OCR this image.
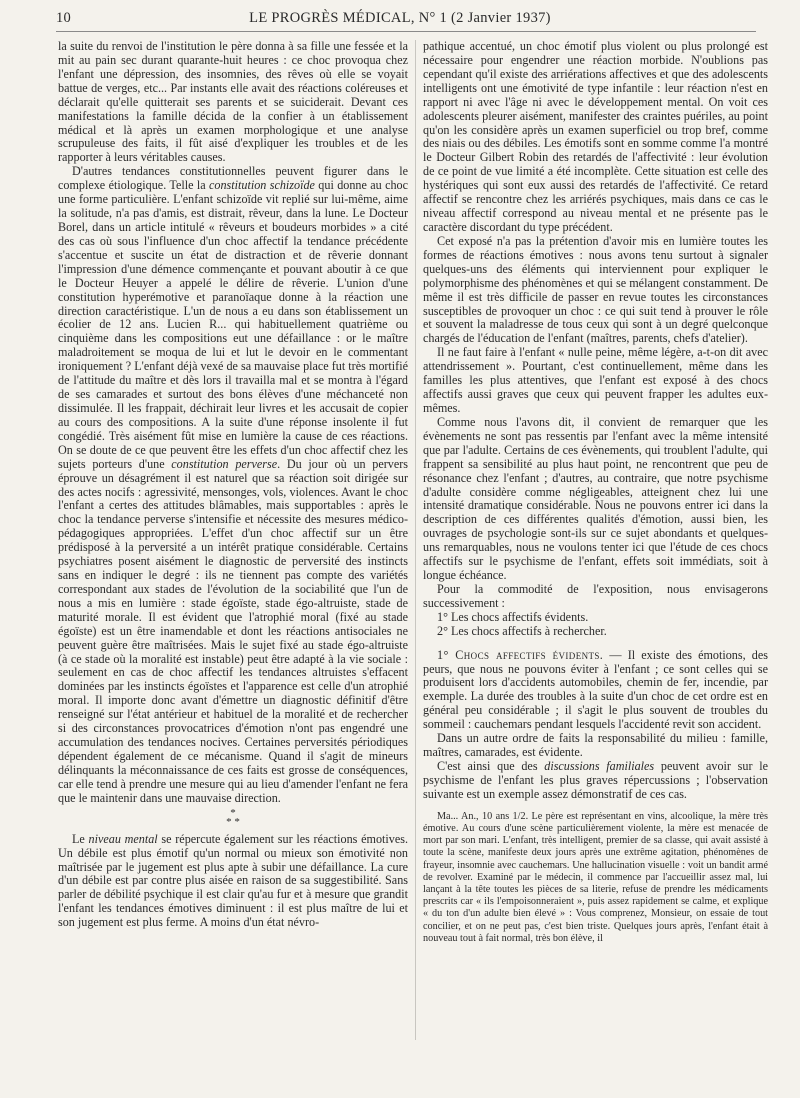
10	LE PROGRÈS MÉDICAL, N° 1 (2 Janvier 1937)

la suite du renvoi de l'institution le père donna à sa fille une fessée et la mit au pain sec durant quarante-huit heures : ce choc provoqua chez l'enfant une dépression, des insomnies, des rêves où elle se voyait battue de verges, etc... Par instants elle avait des réactions coléreuses et déclarait qu'elle quitterait ses parents et se suiciderait. Devant ces manifestations la famille décida de la confier à un établissement médical et là après un examen morphologique et une analyse scrupuleuse des faits, il fût aisé d'expliquer les troubles et de les rapporter à leurs véritables causes.

D'autres tendances constitutionnelles peuvent figurer dans le complexe étiologique. Telle la constitution schizoïde qui donne au choc une forme particulière. L'enfant schizoïde vit replié sur lui-même, aime la solitude, n'a pas d'amis, est distrait, rêveur, dans la lune. Le Docteur Borel, dans un article intitulé « rêveurs et boudeurs morbides » a cité des cas où sous l'influence d'un choc affectif la tendance précédente s'accentue et suscite un état de distraction et de rêverie donnant l'impression d'une démence commençante et pouvant aboutir à ce que le Docteur Heuyer a appelé le délire de rêverie. L'union d'une constitution hyperémotive et paranoïaque donne à la réaction une direction caractéristique. L'un de nous a eu dans son établissement un écolier de 12 ans. Lucien R... qui habituellement quatrième ou cinquième dans les compositions eut une défaillance : or le maître maladroitement se moqua de lui et lut le devoir en le commentant ironiquement ? L'enfant déjà vexé de sa mauvaise place fut très mortifié de l'attitude du maître et dès lors il travailla mal et se montra à l'égard de ses camarades et surtout des bons élèves d'une méchanceté non dissimulée. Il les frappait, déchirait leur livres et les accusait de copier au cours des compositions. A la suite d'une réponse insolente il fut congédié. Très aisément fût mise en lumière la cause de ces réactions. On se doute de ce que peuvent être les effets d'un choc affectif chez les sujets porteurs d'une constitution perverse. Du jour où un pervers éprouve un désagrément il est naturel que sa réaction soit dirigée sur des actes nocifs : agressivité, mensonges, vols, violences. Avant le choc l'enfant a certes des attitudes blâmables, mais supportables : après le choc la tendance perverse s'intensifie et nécessite des mesures médico-pédagogiques appropriées. L'effet d'un choc affectif sur un être prédisposé à la perversité a un intérêt pratique considérable. Certains psychiatres posent aisément le diagnostic de perversité des instincts sans en indiquer le degré : ils ne tiennent pas compte des variétés correspondant aux stades de l'évolution de la sociabilité que l'un de nous a mis en lumière : stade égoïste, stade égo-altruiste, stade de maturité morale. Il est évident que l'atrophié moral (fixé au stade égoïste) est un être inamendable et dont les réactions antisociales ne peuvent guère être maîtrisées. Mais le sujet fixé au stade égo-altruiste (à ce stade où la moralité est instable) peut être adapté à la vie sociale : seulement en cas de choc affectif les tendances altruistes s'effacent dominées par les instincts égoïstes et l'apparence est celle d'un atrophié moral. Il importe donc avant d'émettre un diagnostic définitif d'être renseigné sur l'état antérieur et habituel de la moralité et de rechercher si des circonstances provocatrices d'émotion n'ont pas engendré une accumulation des tendances nocives. Certaines perversités périodiques dépendent également de ce mécanisme. Quand il s'agit de mineurs délinquants la méconnaissance de ces faits est grosse de conséquences, car elle tend à prendre une mesure qui au lieu d'amender l'enfant ne fera que le maintenir dans une mauvaise direction.

*
* *

Le niveau mental se répercute également sur les réactions émotives. Un débile est plus émotif qu'un normal ou mieux son émotivité non maîtrisée par le jugement est plus apte à subir une défaillance. La cure d'un débile est par contre plus aisée en raison de sa suggestibilité. Sans parler de débilité psychique il est clair qu'au fur et à mesure que grandit l'enfant les tendances émotives diminuent : il est plus maître de lui et son jugement est plus ferme. A moins d'un état névro-

pathique accentué, un choc émotif plus violent ou plus prolongé est nécessaire pour engendrer une réaction morbide. N'oublions pas cependant qu'il existe des arriérations affectives et que des adolescents intelligents ont une émotivité de type infantile : leur réaction n'est en rapport ni avec l'âge ni avec le développement mental. On voit ces adolescents pleurer aisément, manifester des craintes puériles, au point qu'on les considère après un examen superficiel ou trop bref, comme des niais ou des débiles. Les émotifs sont en somme comme l'a montré le Docteur Gilbert Robin des retardés de l'affectivité : leur évolution de ce point de vue limité a été incomplète. Cette situation est celle des hystériques qui sont eux aussi des retardés de l'affectivité. Ce retard affectif se rencontre chez les arriérés psychiques, mais dans ce cas le niveau affectif correspond au niveau mental et ne présente pas le caractère discordant du type précédent.

Cet exposé n'a pas la prétention d'avoir mis en lumière toutes les formes de réactions émotives : nous avons tenu surtout à signaler quelques-uns des éléments qui interviennent pour expliquer le polymorphisme des phénomènes et qui se mélangent constamment. De même il est très difficile de passer en revue toutes les circonstances susceptibles de provoquer un choc : ce qui suit tend à prouver le rôle et souvent la maladresse de tous ceux qui sont à un degré quelconque chargés de l'éducation de l'enfant (maîtres, parents, chefs d'atelier).

Il ne faut faire à l'enfant « nulle peine, même légère, a-t-on dit avec attendrissement ». Pourtant, c'est continuellement, même dans les familles les plus attentives, que l'enfant est exposé à des chocs affectifs aussi graves que ceux qui peuvent frapper les adultes eux-mêmes.

Comme nous l'avons dit, il convient de remarquer que les évènements ne sont pas ressentis par l'enfant avec la même intensité que par l'adulte. Certains de ces évènements, qui troublent l'adulte, qui frappent sa sensibilité au plus haut point, ne rencontrent que peu de résonance chez l'enfant ; d'autres, au contraire, que notre psychisme d'adulte considère comme négligeables, atteignent chez lui une intensité dramatique considérable. Nous ne pouvons entrer ici dans la description de ces différentes qualités d'émotion, aussi bien, les ouvrages de psychologie sont-ils sur ce sujet abondants et quelques-uns remarquables, nous ne voulons tenter ici que l'étude de ces chocs affectifs sur le psychisme de l'enfant, effets soit immédiats, soit à longue échéance.

Pour la commodité de l'exposition, nous envisagerons successivement :

1° Les chocs affectifs évidents.

2° Les chocs affectifs à rechercher.

1° Chocs affectifs évidents. — Il existe des émotions, des peurs, que nous ne pouvons éviter à l'enfant ; ce sont celles qui se produisent lors d'accidents automobiles, chemin de fer, incendie, par exemple. La durée des troubles à la suite d'un choc de cet ordre est en général peu considérable ; il s'agit le plus souvent de troubles du sommeil : cauchemars pendant lesquels l'accidenté revit son accident.

Dans un autre ordre de faits la responsabilité du milieu : famille, maîtres, camarades, est évidente.

C'est ainsi que des discussions familiales peuvent avoir sur le psychisme de l'enfant les plus graves répercussions ; l'observation suivante est un exemple assez démonstratif de ces cas.

Ma... An., 10 ans 1/2. Le père est représentant en vins, alcoolique, la mère très émotive. Au cours d'une scène particulièrement violente, la mère est menacée de mort par son mari. L'enfant, très intelligent, premier de sa classe, qui avait assisté à toute la scène, manifeste deux jours après une extrême agitation, phénomènes de frayeur, insomnie avec cauchemars. Une hallucination visuelle : voit un bandit armé de revolver. Examiné par le médecin, il commence par l'accueillir assez mal, lui lançant à la tête toutes les pièces de sa literie, refuse de prendre les médicaments prescrits car « ils l'empoisonneraient », puis assez rapidement se calme, et explique « du ton d'un adulte bien élevé » : Vous comprenez, Monsieur, on essaie de tout concilier, et on ne peut pas, c'est bien triste. Quelques jours après, l'enfant était à nouveau tout à fait normal, très bon élève, il
